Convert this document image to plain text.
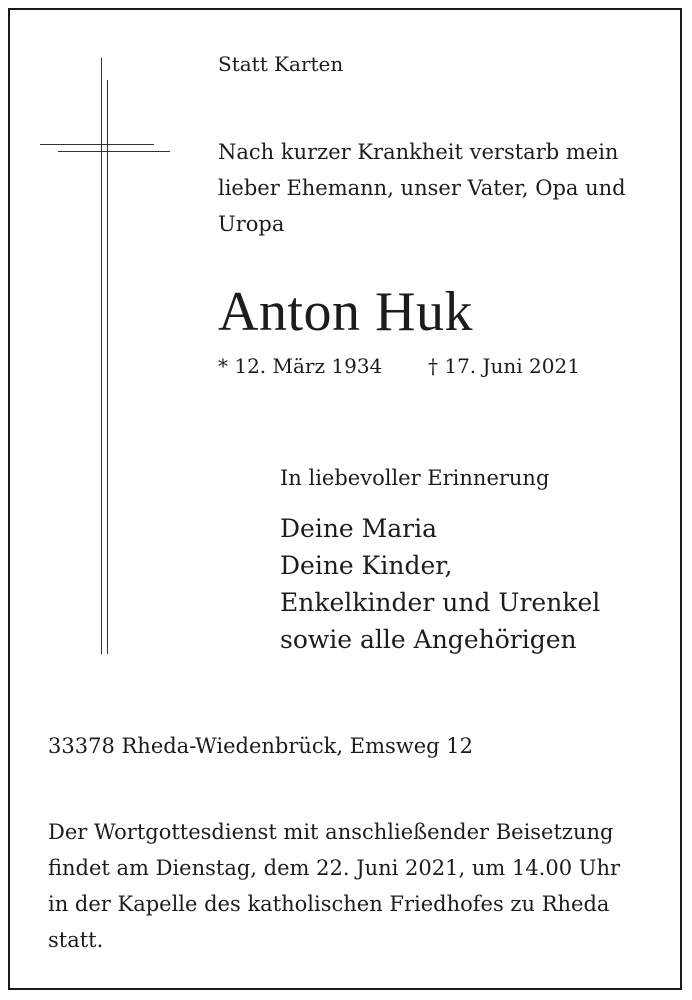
Statt Karten

Nach kurzer Krankheit verstarb mein
lieber Ehemann, unser Vater, Opa und
Uropa

Anton Huk

* 12. März 1934 † 17. Juni 2021

In liebevoller Erinnerung

Deine Maria
Deine Kinder,
Enkelkinder und Urenkel
sowie alle Angehörigen

33378 Rheda-Wiedenbrück, Emsweg 12

Der Wortgottesdienst mit anschließender Beisetzung
findet am Dienstag, dem 22. Juni 2021, um 14.00 Uhr
in der Kapelle des katholischen Friedhofes zu Rheda
statt.
